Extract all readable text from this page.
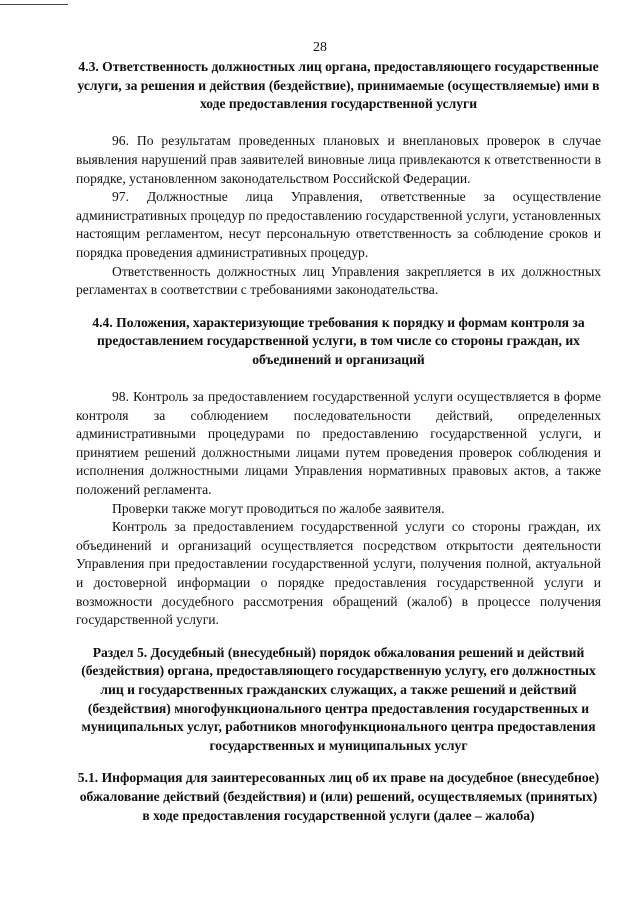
28
4.3. Ответственность должностных лиц органа, предоставляющего государственные услуги, за решения и действия (бездействие), принимаемые (осуществляемые) ими в ходе предоставления государственной услуги

96. По результатам проведенных плановых и внеплановых проверок в случае выявления нарушений прав заявителей виновные лица привлекаются к ответственности в порядке, установленном законодательством Российской Федерации.

97. Должностные лица Управления, ответственные за осуществление административных процедур по предоставлению государственной услуги, установленных настоящим регламентом, несут персональную ответственность за соблюдение сроков и порядка проведения административных процедур.

Ответственность должностных лиц Управления закрепляется в их должностных регламентах в соответствии с требованиями законодательства.

4.4. Положения, характеризующие требования к порядку и формам контроля за предоставлением государственной услуги, в том числе со стороны граждан, их объединений и организаций

98. Контроль за предоставлением государственной услуги осуществляется в форме контроля за соблюдением последовательности действий, определенных административными процедурами по предоставлению государственной услуги, и принятием решений должностными лицами путем проведения проверок соблюдения и исполнения должностными лицами Управления нормативных правовых актов, а также положений регламента.

Проверки также могут проводиться по жалобе заявителя.

Контроль за предоставлением государственной услуги со стороны граждан, их объединений и организаций осуществляется посредством открытости деятельности Управления при предоставлении государственной услуги, получения полной, актуальной и достоверной информации о порядке предоставления государственной услуги и возможности досудебного рассмотрения обращений (жалоб) в процессе получения государственной услуги.

Раздел 5. Досудебный (внесудебный) порядок обжалования решений и действий (бездействия) органа, предоставляющего государственную услугу, его должностных лиц и государственных гражданских служащих, а также решений и действий (бездействия) многофункционального центра предоставления государственных и муниципальных услуг, работников многофункционального центра предоставления государственных и муниципальных услуг
5.1. Информация для заинтересованных лиц об их праве на досудебное (внесудебное) обжалование действий (бездействия) и (или) решений, осуществляемых (принятых) в ходе предоставления государственной услуги (далее – жалоба)
